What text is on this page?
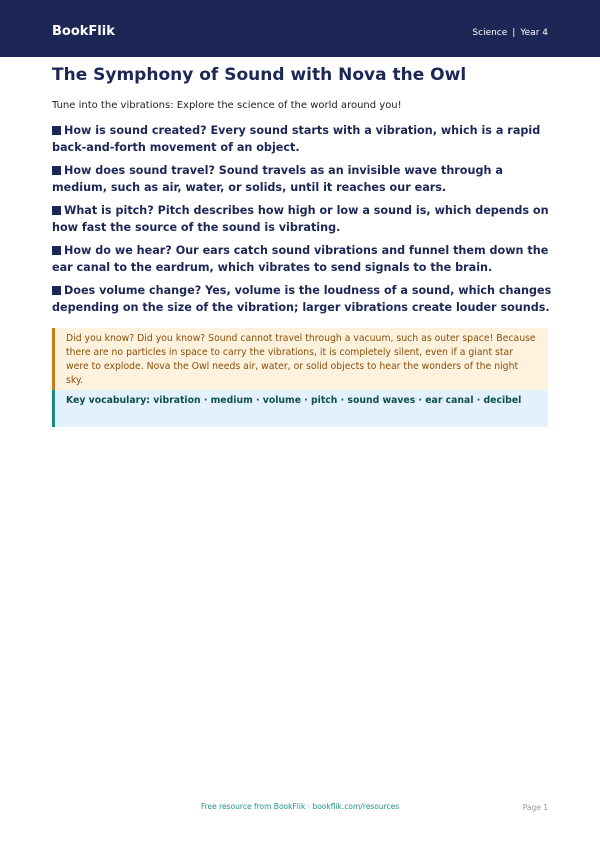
BookFlik	Science | Year 4
The Symphony of Sound with Nova the Owl
Tune into the vibrations: Explore the science of the world around you!
How is sound created? Every sound starts with a vibration, which is a rapid back-and-forth movement of an object.
How does sound travel? Sound travels as an invisible wave through a medium, such as air, water, or solids, until it reaches our ears.
What is pitch? Pitch describes how high or low a sound is, which depends on how fast the source of the sound is vibrating.
How do we hear? Our ears catch sound vibrations and funnel them down the ear canal to the eardrum, which vibrates to send signals to the brain.
Does volume change? Yes, volume is the loudness of a sound, which changes depending on the size of the vibration; larger vibrations create louder sounds.
Did you know? Did you know? Sound cannot travel through a vacuum, such as outer space! Because there are no particles in space to carry the vibrations, it is completely silent, even if a giant star were to explode. Nova the Owl needs air, water, or solid objects to hear the wonders of the night sky.
Key vocabulary: vibration · medium · volume · pitch · sound waves · ear canal · decibel
Free resource from BookFlik · bookflik.com/resources	Page 1
